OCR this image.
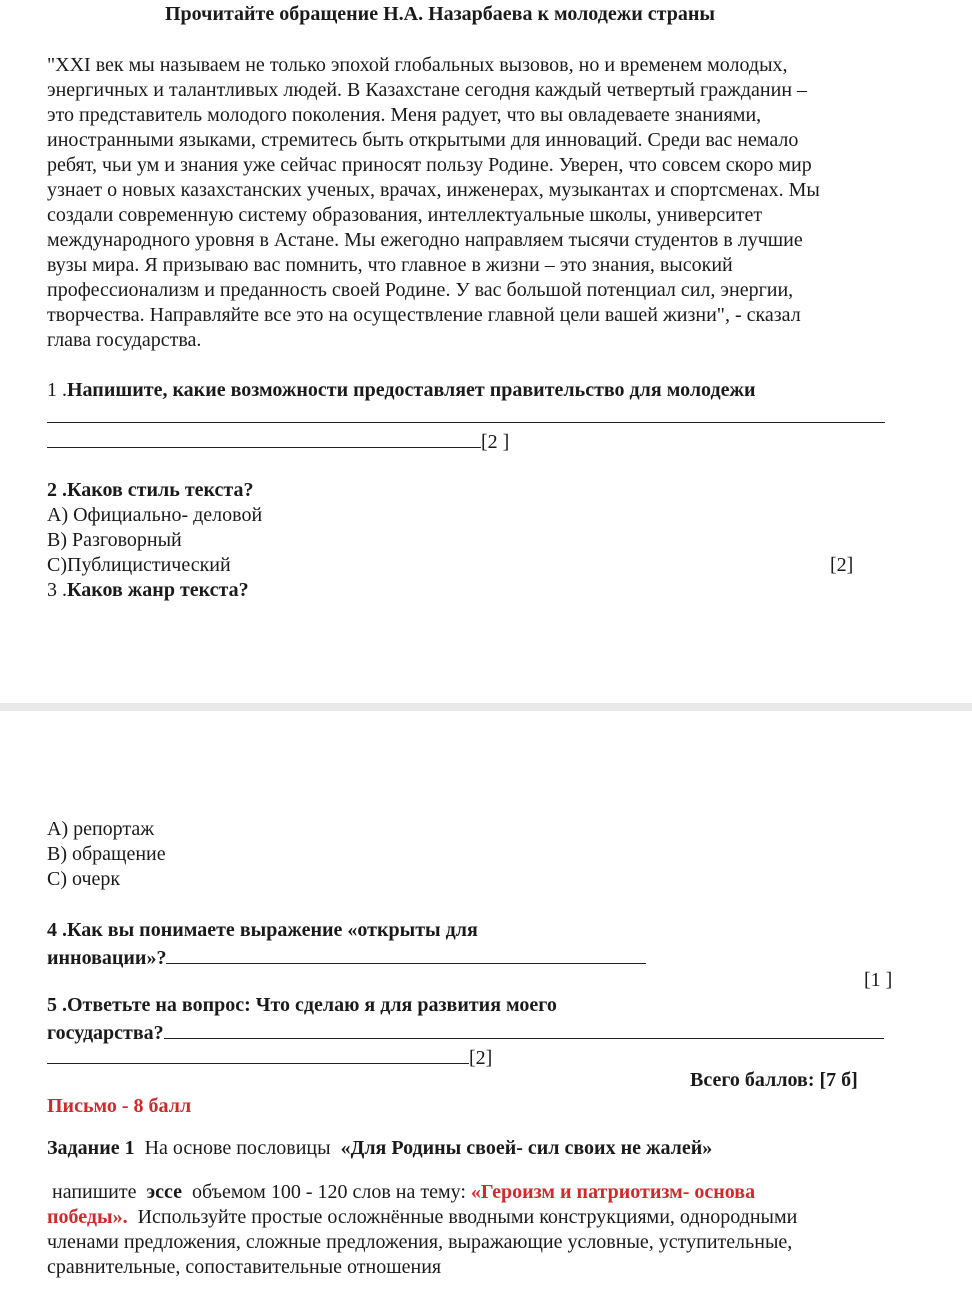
Прочитайте обращение Н.А. Назарбаева к молодежи страны
"XXI век мы называем не только эпохой глобальных вызовов, но и временем молодых,
энергичных и талантливых людей. В Казахстане сегодня каждый четвертый гражданин –
это представитель молодого поколения. Меня радует, что вы овладеваете знаниями,
иностранными языками, стремитесь быть открытыми для инноваций. Среди вас немало
ребят, чьи ум и знания уже сейчас приносят пользу Родине. Уверен, что совсем скоро мир
узнает о новых казахстанских ученых, врачах, инженерах, музыкантах и спортсменах. Мы
создали современную систему образования, интеллектуальные школы, университет
международного уровня в Астане. Мы ежегодно направляем тысячи студентов в лучшие
вузы мира. Я призываю вас помнить, что главное в жизни – это знания, высокий
профессионализм и преданность своей Родине. У вас большой потенциал сил, энергии,
творчества. Направляйте все это на осуществление главной цели вашей жизни", - сказал
глава государства.
1 .Напишите, какие возможности предоставляет правительство для молодежи
[2 ]
2 .Каков стиль текста?
А) Официально- деловой
В) Разговорный
С)Публицистический	[2]
3 .Каков жанр текста?
А) репортаж
В) обращение
С) очерк
4 .Как вы понимаете выражение «открыты для
инновации»?
[1 ]
5 .Ответьте на вопрос: Что сделаю я для развития моего
государства?
[2]
Всего баллов: [7 б]
Письмо - 8 балл
Задание 1 На основе пословицы «Для Родины своей- сил своих не жалей»
напишите эссе объемом 100 - 120 слов на тему: «Героизм и патриотизм- основа
победы». Используйте простые осложнённые вводными конструкциями, однородными
членами предложения, сложные предложения, выражающие условные, уступительные,
сравнительные, сопоставительные отношения
